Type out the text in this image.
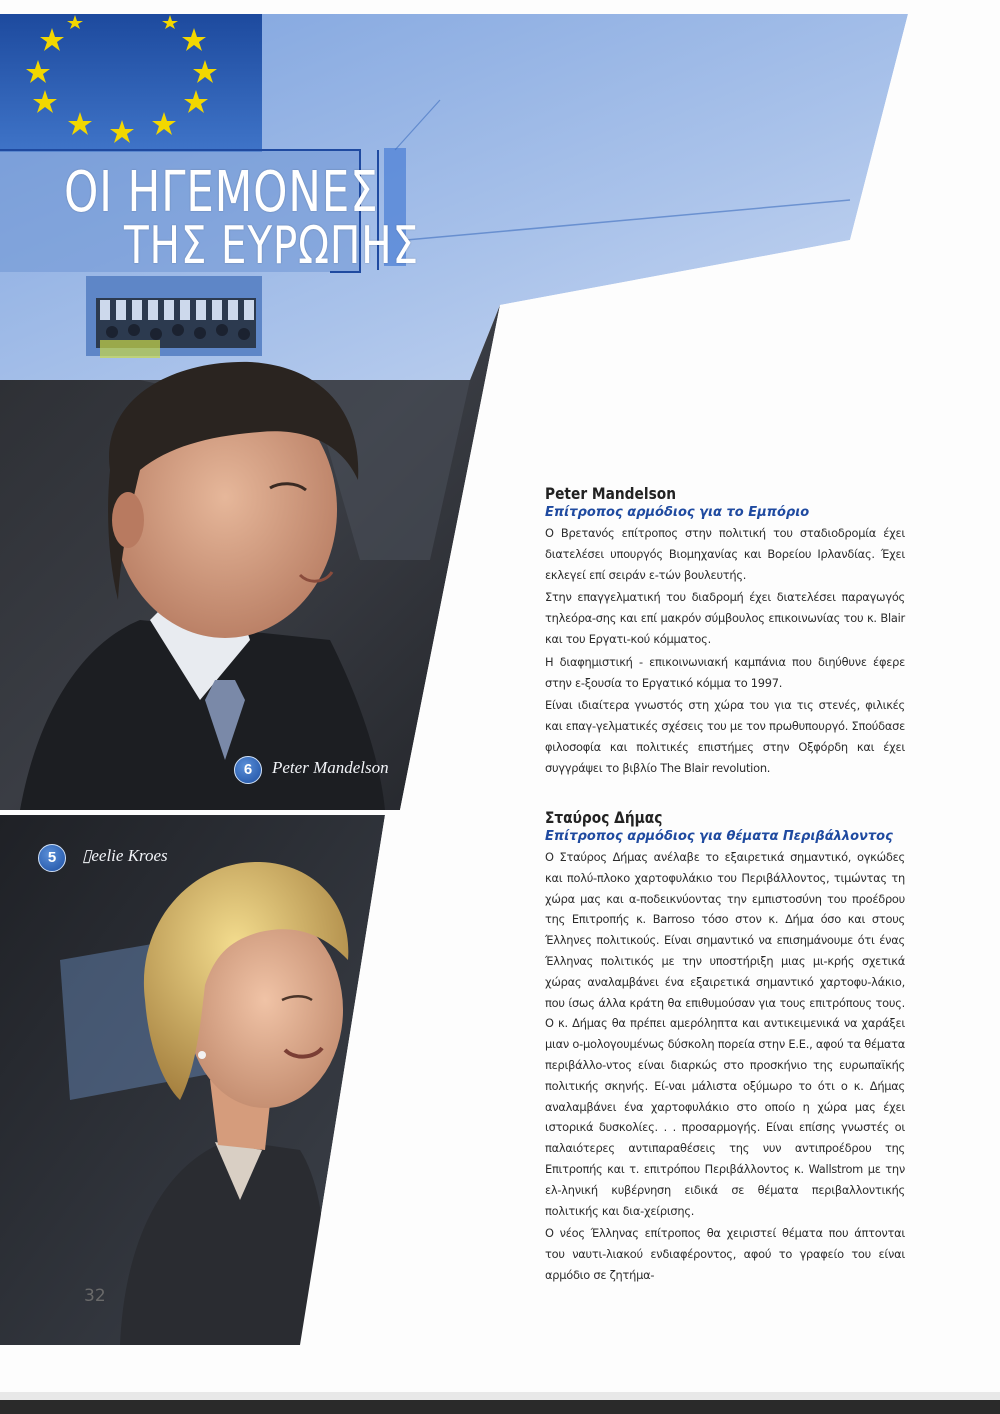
ΟΙ ΗΓΕΜΟΝΕΣ
ΤΗΣ ΕΥΡΩΠΗΣ
6	Peter Mandelson
5	▯eelie Kroes
32
Peter Mandelson
Επίτροπος αρμόδιος για το Εμπόριο

Ο Βρετανός επίτροπος στην πολιτική του σταδιοδρομία έχει διατελέσει υπουργός Βιομηχανίας και Βορείου Ιρλανδίας. Έχει εκλεγεί επί σειράν ε-τών βουλευτής.

Στην επαγγελματική του διαδρομή έχει διατελέσει παραγωγός τηλεόρα-σης και επί μακρόν σύμβουλος επικοινωνίας του κ. Blair και του Εργατι-κού κόμματος.

Η διαφημιστική - επικοινωνιακή καμπάνια που διηύθυνε έφερε στην ε-ξουσία το Εργατικό κόμμα το 1997.

Είναι ιδιαίτερα γνωστός στη χώρα του για τις στενές, φιλικές και επαγ-γελματικές σχέσεις του με τον πρωθυπουργό. Σπούδασε φιλοσοφία και πολιτικές επιστήμες στην Οξφόρδη και έχει συγγράψει το βιβλίο The Blair revolution.

Σταύρος Δήμας
Επίτροπος αρμόδιος για θέματα Περιβάλλοντος

Ο Σταύρος Δήμας ανέλαβε το εξαιρετικά σημαντικό, ογκώδες και πολύ-πλοκο χαρτοφυλάκιο του Περιβάλλοντος, τιμώντας τη χώρα μας και α-ποδεικνύοντας την εμπιστοσύνη του προέδρου της Επιτροπής κ. Barroso τόσο στον κ. Δήμα όσο και στους Έλληνες πολιτικούς. Είναι σημαντικό να επισημάνουμε ότι ένας Έλληνας πολιτικός με την υποστήριξη μιας μι-κρής σχετικά χώρας αναλαμβάνει ένα εξαιρετικά σημαντικό χαρτοφυ-λάκιο, που ίσως άλλα κράτη θα επιθυμούσαν για τους επιτρόπους τους. Ο κ. Δήμας θα πρέπει αμερόληπτα και αντικειμενικά να χαράξει μιαν ο-μολογουμένως δύσκολη πορεία στην Ε.Ε., αφού τα θέματα περιβάλλο-ντος είναι διαρκώς στο προσκήνιο της ευρωπαϊκής πολιτικής σκηνής. Εί-ναι μάλιστα οξύμωρο το ότι ο κ. Δήμας αναλαμβάνει ένα χαρτοφυλάκιο στο οποίο η χώρα μας έχει ιστορικά δυσκολίες. . . προσαρμογής. Είναι επίσης γνωστές οι παλαιότερες αντιπαραθέσεις της νυν αντιπροέδρου της Επιτροπής και τ. επιτρόπου Περιβάλλοντος κ. Wallstrom με την ελ-ληνική κυβέρνηση ειδικά σε θέματα περιβαλλοντικής πολιτικής και δια-χείρισης.

Ο νέος Έλληνας επίτροπος θα χειριστεί θέματα που άπτονται του ναυτι-λιακού ενδιαφέροντος, αφού το γραφείο του είναι αρμόδιο σε ζητήμα-
